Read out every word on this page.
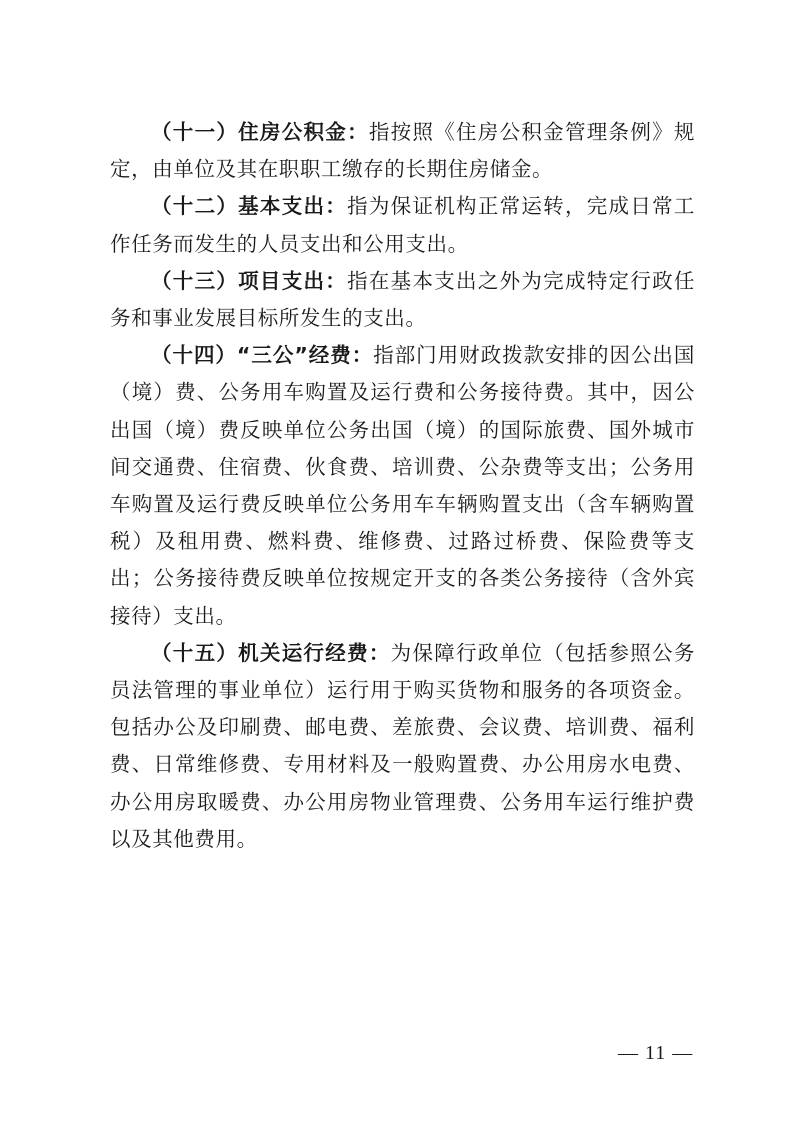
（十一）住房公积金：指按照《住房公积金管理条例》规定，由单位及其在职职工缴存的长期住房储金。

（十二）基本支出：指为保证机构正常运转，完成日常工作任务而发生的人员支出和公用支出。

（十三）项目支出：指在基本支出之外为完成特定行政任务和事业发展目标所发生的支出。

（十四）“三公”经费：指部门用财政拨款安排的因公出国（境）费、公务用车购置及运行费和公务接待费。其中，因公出国（境）费反映单位公务出国（境）的国际旅费、国外城市间交通费、住宿费、伙食费、培训费、公杂费等支出；公务用车购置及运行费反映单位公务用车车辆购置支出（含车辆购置税）及租用费、燃料费、维修费、过路过桥费、保险费等支出；公务接待费反映单位按规定开支的各类公务接待（含外宾接待）支出。

（十五）机关运行经费：为保障行政单位（包括参照公务员法管理的事业单位）运行用于购买货物和服务的各项资金。包括办公及印刷费、邮电费、差旅费、会议费、培训费、福利费、日常维修费、专用材料及一般购置费、办公用房水电费、办公用房取暖费、办公用房物业管理费、公务用车运行维护费以及其他费用。

— 11 —
